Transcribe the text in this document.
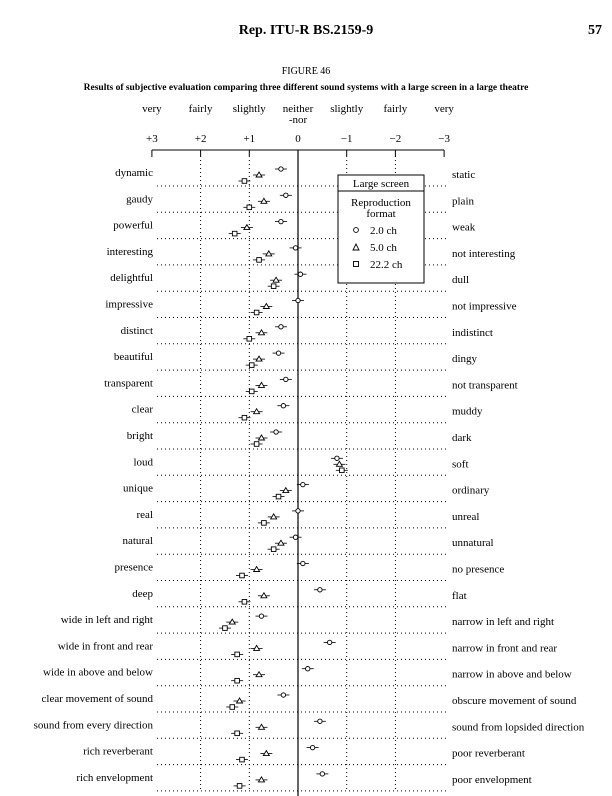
Rep. ITU-R BS.2159-9	57
FIGURE 46
Results of subjective evaluation comparing three different sound systems with a large screen in a large theatre
very fairly slightly neither
-nor
slightly fairly very
+3	+2	+1	0	−1	−2	−3
dynamic	static
gaudy	plain
powerful	weak
interesting	not interesting
delightful	dull
impressive	not impressive
distinct	indistinct
beautiful	dingy
transparent	not transparent
clear	muddy
bright	dark
loud	soft
unique	ordinary
real	unreal
natural	unnatural
presence	no presence
deep	flat
wide in left and right	narrow in left and right
wide in front and rear	narrow in front and rear
wide in above and below	narrow in above and below
clear movement of sound	obscure movement of sound
sound from every direction	sound from lopsided direction
rich reverberant	poor reverberant
rich envelopment	poor envelopment
Large screen
Reproduction
format
2.0 ch
5.0 ch
22.2 ch
